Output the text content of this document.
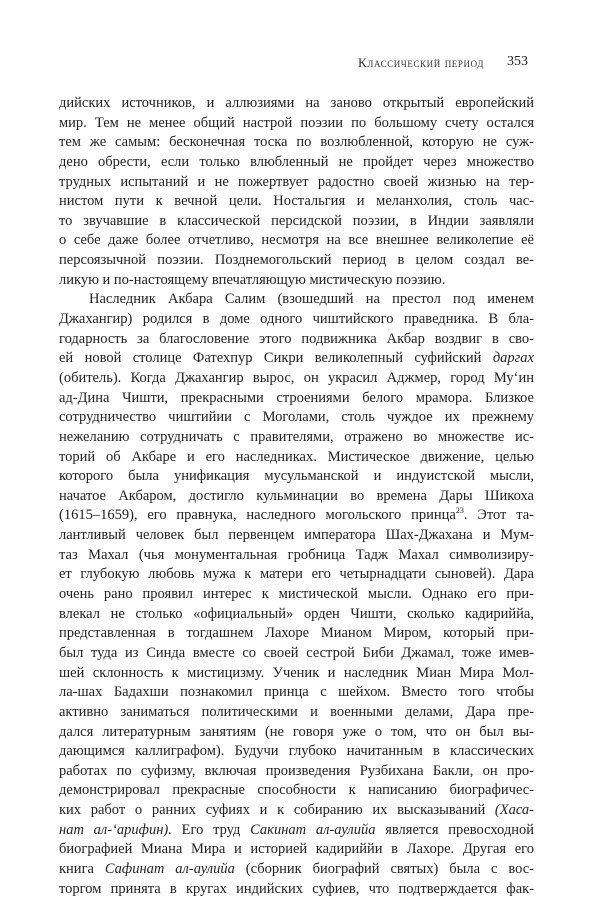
Классический период 353
дийских источников, и аллюзиями на заново открытый европейский
мир. Тем не менее общий настрой поэзии по большому счету остался
тем же самым: бесконечная тоска по возлюбленной, которую не суж-
дено обрести, если только влюбленный не пройдет через множество
трудных испытаний и не пожертвует радостно своей жизнью на тер-
нистом пути к вечной цели. Ностальгия и меланхолия, столь час-
то звучавшие в классической персидской поэзии, в Индии заявляли
о себе даже более отчетливо, несмотря на все внешнее великолепие её
персоязычной поэзии. Позднемогольский период в целом создал ве-
ликую и по-настоящему впечатляющую мистическую поэзию.
Наследник Акбара Салим (взошедший на престол под именем
Джахангир) родился в доме одного чиштийского праведника. В бла-
годарность за благословение этого подвижника Акбар воздвиг в сво-
ей новой столице Фатехпур Сикри великолепный суфийский даргах
(обитель). Когда Джахангир вырос, он украсил Аджмер, город Му‘ин
ад-Дина Чишти, прекрасными строениями белого мрамора. Близкое
сотрудничество чиштийии с Моголами, столь чуждое их прежнему
нежеланию сотрудничать с правителями, отражено во множестве ис-
торий об Акбаре и его наследниках. Мистическое движение, целью
которого была унификация мусульманской и индуистской мысли,
начатое Акбаром, достигло кульминации во времена Дары Шикоха
(1615–1659), его правнука, наследного могольского принца$^{23}$. Этот та-
лантливый человек был первенцем императора Шах-Джахана и Мум-
таз Махал (чья монументальная гробница Тадж Махал символизиру-
ет глубокую любовь мужа к матери его четырнадцати сыновей). Дара
очень рано проявил интерес к мистической мысли. Однако его при-
влекал не столько «официальный» орден Чишти, сколько кадириййа,
представленная в тогдашнем Лахоре Мианом Миром, который при-
был туда из Синда вместе со своей сестрой Биби Джамал, тоже имев-
шей склонность к мистицизму. Ученик и наследник Миан Мира Мол-
ла-шах Бадахши познакомил принца с шейхом. Вместо того чтобы
активно заниматься политическими и военными делами, Дара пре-
дался литературным занятиям (не говоря уже о том, что он был вы-
дающимся каллиграфом). Будучи глубоко начитанным в классических
работах по суфизму, включая произведения Рузбихана Бакли, он про-
демонстрировал прекрасные способности к написанию биографичес-
ких работ о ранних суфиях и к собиранию их высказываний (Хаса-
нат ал-‘арифин). Его труд Сакинат ал-аулийа является превосходной
биографией Миана Мира и историей кадириййи в Лахоре. Другая его
книга Сафинат ал-аулийа (сборник биографий святых) была с вос-
торгом принята в кругах индийских суфиев, что подтверждается фак-
